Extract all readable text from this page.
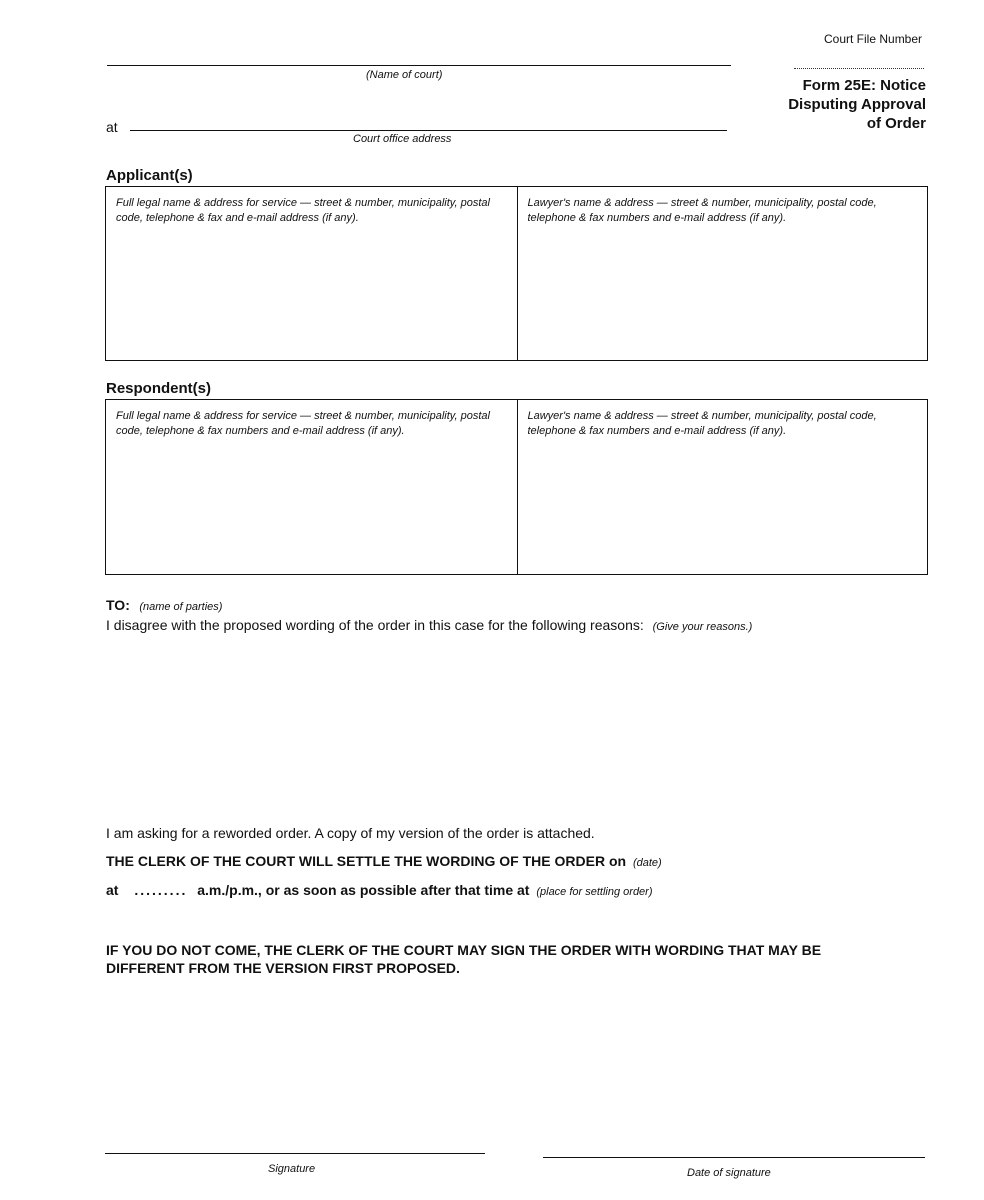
Court File Number
Form 25E: Notice
Disputing Approval
of Order
(Name of court)
at
Court office address
Applicant(s)
Full legal name & address for service — street & number, municipality, postal code, telephone & fax and e-mail address (if any).
Lawyer's name & address — street & number, municipality, postal code, telephone & fax numbers and e-mail address (if any).
Respondent(s)
Full legal name & address for service — street & number, municipality, postal code, telephone & fax numbers and e-mail address (if any).
Lawyer's name & address — street & number, municipality, postal code, telephone & fax numbers and e-mail address (if any).
TO: (name of parties)
I disagree with the proposed wording of the order in this case for the following reasons: (Give your reasons.)
I am asking for a reworded order. A copy of my version of the order is attached.
THE CLERK OF THE COURT WILL SETTLE THE WORDING OF THE ORDER on (date)
at ......... a.m./p.m., or as soon as possible after that time at (place for settling order)
IF YOU DO NOT COME, THE CLERK OF THE COURT MAY SIGN THE ORDER WITH WORDING THAT MAY BE
DIFFERENT FROM THE VERSION FIRST PROPOSED.
Signature	Date of signature
